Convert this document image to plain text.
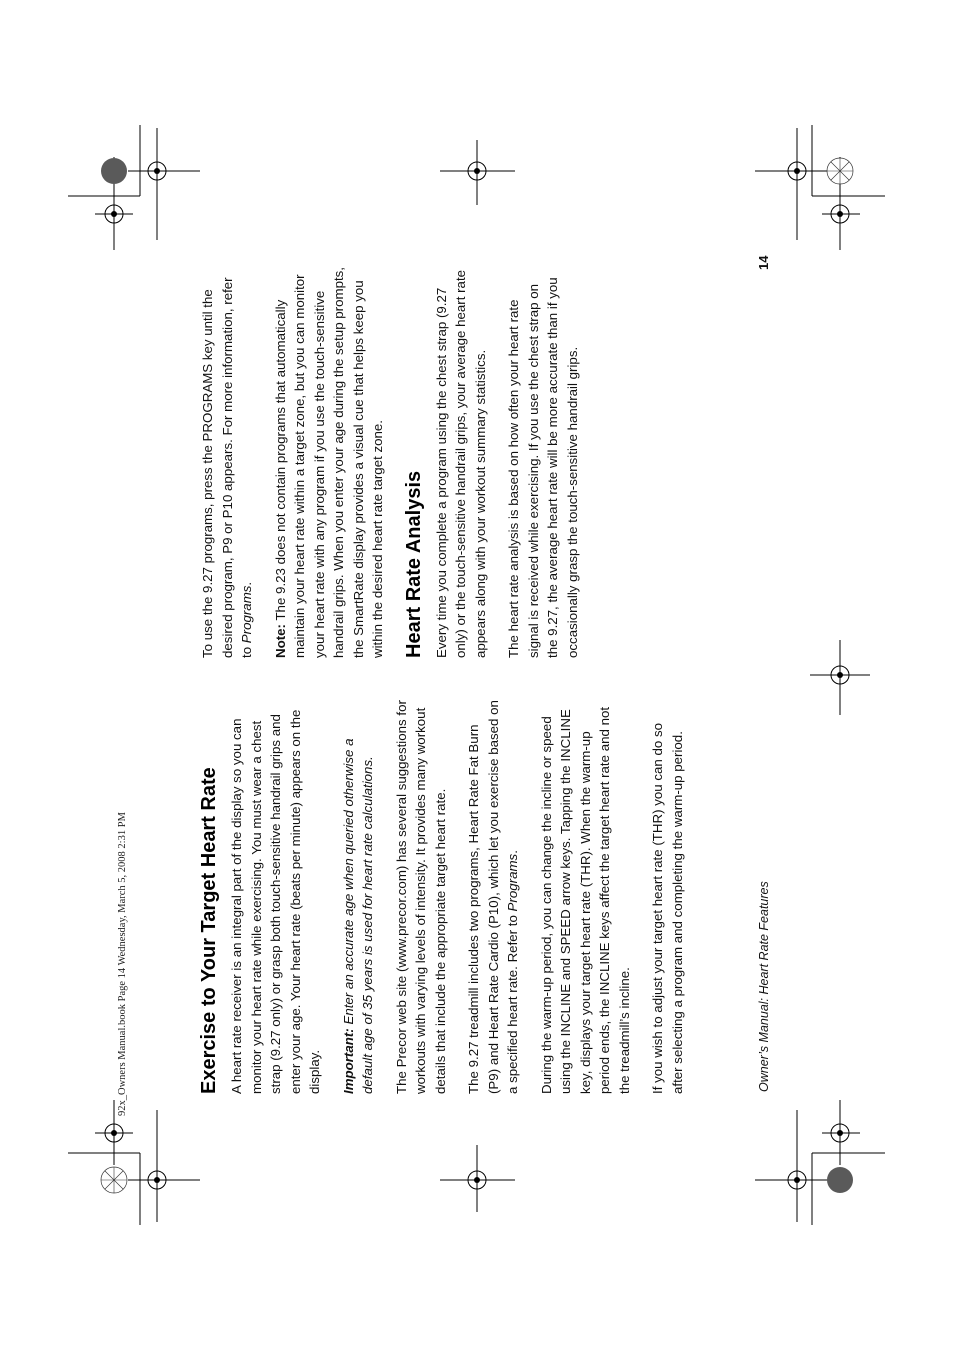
92x_Owners Manual.book Page 14 Wednesday, March 5, 2008 2:31 PM	Exercise to Your Target Heart Rate A heart rate receiver is an integral part of the display so you can monitor your heart rate while exercising. You must wear a chest strap (9.27 only) or grasp both touch-sensitive handrail grips and enter your age. Your heart rate (beats per minute) appears on the display. Important: Enter an accurate age when queried otherwise a default age of 35 years is used for heart rate calculations. The Precor web site (www.precor.com) has several suggestions for workouts with varying levels of intensity. It provides many workout details that include the appropriate target heart rate. The 9.27 treadmill includes two programs, Heart Rate Fat Burn (P9) and Heart Rate Cardio (P10), which let you exercise based on a specified heart rate. Refer to Programs. During the warm-up period, you can change the incline or speed using the INCLINE and SPEED arrow keys. Tapping the INCLINE key, displays your target heart rate (THR). When the warm-up period ends, the INCLINE keys affect the target heart rate and not the treadmill’s incline. If you wish to adjust your target heart rate (THR) you can do so after selecting a program and completing the warm-up period.

To use the 9.27 programs, press the PROGRAMS key until the desired program, P9 or P10 appears. For more information, refer to Programs.

Note: The 9.23 does not contain programs that automatically maintain your heart rate within a target zone, but you can monitor your heart rate with any program if you use the touch-sensitive handrail grips. When you enter your age during the setup prompts, the SmartRate display provides a visual cue that helps keep you within the desired heart rate target zone. Heart Rate Analysis Every time you complete a program using the chest strap (9.27 only) or the touch-sensitive handrail grips, your average heart rate appears along with your workout summary statistics. The heart rate analysis is based on how often your heart rate signal is received while exercising. If you use the chest strap on the 9.27, the average heart rate will be more accurate than if you occasionally grasp the touch-sensitive handrail grips.

Owner’s Manual: Heart Rate Features
14
